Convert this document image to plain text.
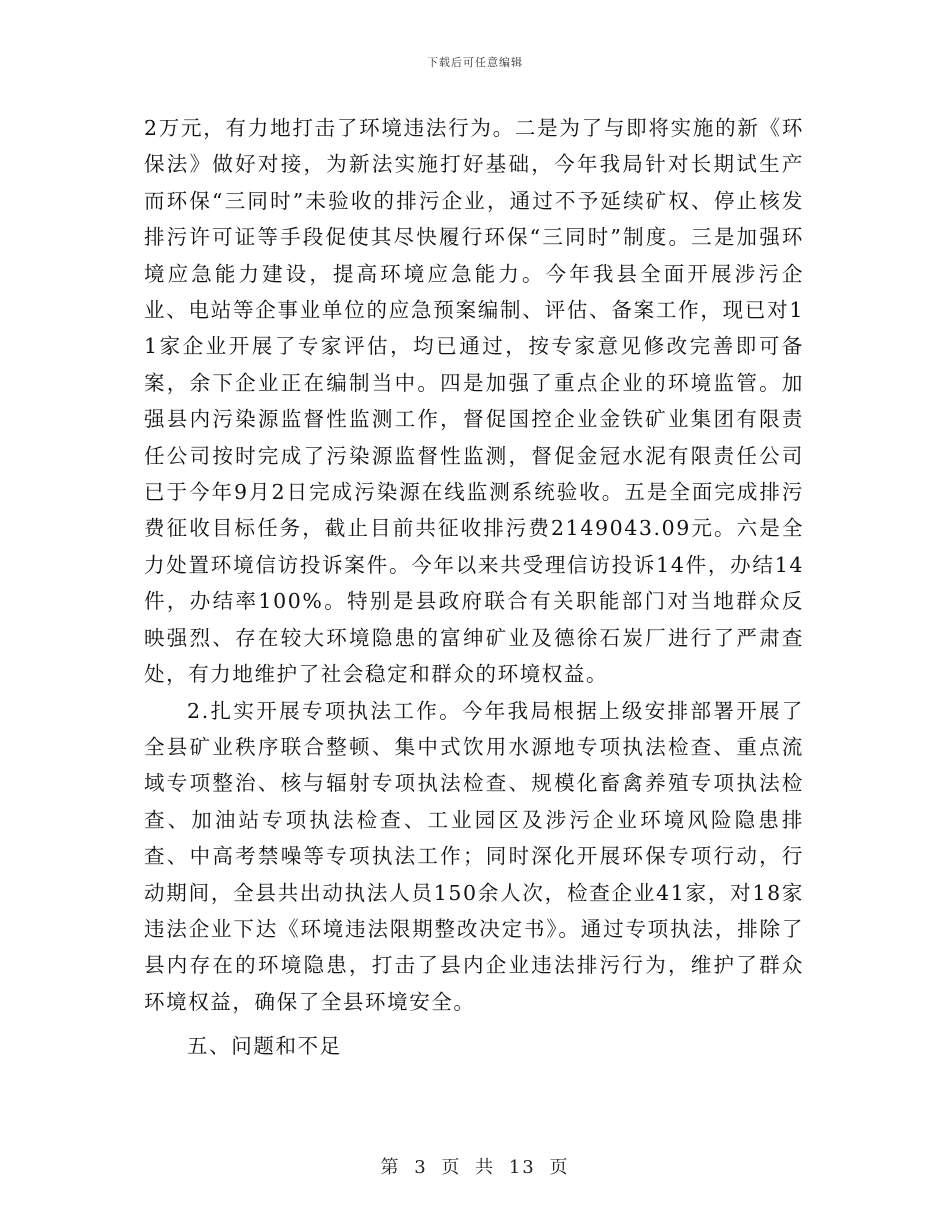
下载后可任意编辑

2万元，有力地打击了环境违法行为。二是为了与即将实施的新《环保法》做好对接，为新法实施打好基础，今年我局针对长期试生产而环保“三同时”未验收的排污企业，通过不予延续矿权、停止核发排污许可证等手段促使其尽快履行环保“三同时”制度。三是加强环境应急能力建设，提高环境应急能力。今年我县全面开展涉污企业、电站等企事业单位的应急预案编制、评估、备案工作，现已对11家企业开展了专家评估，均已通过，按专家意见修改完善即可备案，余下企业正在编制当中。四是加强了重点企业的环境监管。加强县内污染源监督性监测工作，督促国控企业金铁矿业集团有限责任公司按时完成了污染源监督性监测，督促金冠水泥有限责任公司已于今年9月2日完成污染源在线监测系统验收。五是全面完成排污费征收目标任务，截止目前共征收排污费2149043.09元。六是全力处置环境信访投诉案件。今年以来共受理信访投诉14件，办结14件，办结率100%。特别是县政府联合有关职能部门对当地群众反映强烈、存在较大环境隐患的富绅矿业及德徐石炭厂进行了严肃查处，有力地维护了社会稳定和群众的环境权益。

2.扎实开展专项执法工作。今年我局根据上级安排部署开展了全县矿业秩序联合整顿、集中式饮用水源地专项执法检查、重点流域专项整治、核与辐射专项执法检查、规模化畜禽养殖专项执法检查、加油站专项执法检查、工业园区及涉污企业环境风险隐患排查、中高考禁噪等专项执法工作；同时深化开展环保专项行动，行动期间，全县共出动执法人员150余人次，检查企业41家，对18家违法企业下达《环境违法限期整改决定书》。通过专项执法，排除了县内存在的环境隐患，打击了县内企业违法排污行为，维护了群众环境权益，确保了全县环境安全。

五、问题和不足

第 3 页 共 13 页
